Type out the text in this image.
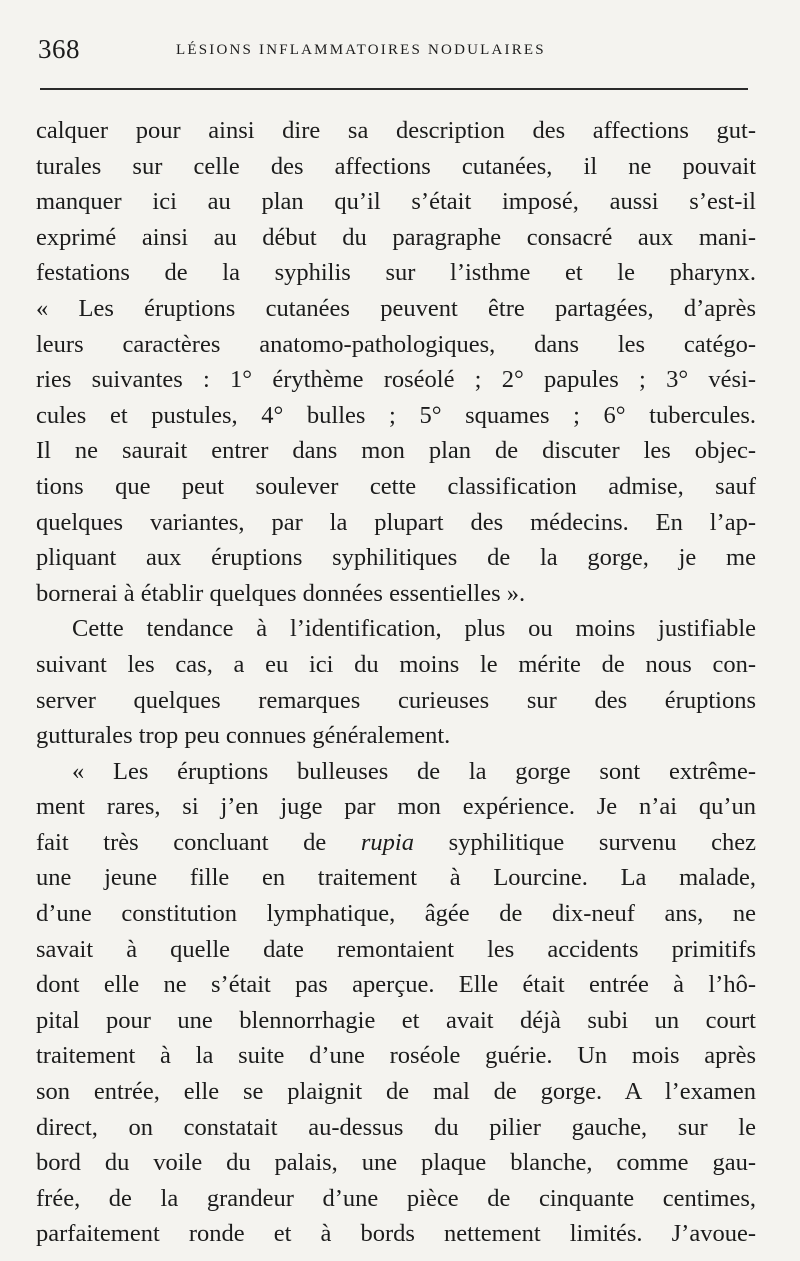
368	LÉSIONS INFLAMMATOIRES NODULAIRES
calquer pour ainsi dire sa description des affections gut-
turales sur celle des affections cutanées, il ne pouvait
manquer ici au plan qu’il s’était imposé, aussi s’est-il
exprimé ainsi au début du paragraphe consacré aux mani-
festations de la syphilis sur l’isthme et le pharynx.
« Les éruptions cutanées peuvent être partagées, d’après
leurs caractères anatomo-pathologiques, dans les catégo-
ries suivantes : 1° érythème roséolé ; 2° papules ; 3° vési-
cules et pustules, 4° bulles ; 5° squames ; 6° tubercules.
Il ne saurait entrer dans mon plan de discuter les objec-
tions que peut soulever cette classification admise, sauf
quelques variantes, par la plupart des médecins. En l’ap-
pliquant aux éruptions syphilitiques de la gorge, je me
bornerai à établir quelques données essentielles ».
Cette tendance à l’identification, plus ou moins justifiable
suivant les cas, a eu ici du moins le mérite de nous con-
server quelques remarques curieuses sur des éruptions
gutturales trop peu connues généralement.
« Les éruptions bulleuses de la gorge sont extrême-
ment rares, si j’en juge par mon expérience. Je n’ai qu’un
fait très concluant de rupia syphilitique survenu chez
une jeune fille en traitement à Lourcine. La malade,
d’une constitution lymphatique, âgée de dix-neuf ans, ne
savait à quelle date remontaient les accidents primitifs
dont elle ne s’était pas aperçue. Elle était entrée à l’hô-
pital pour une blennorrhagie et avait déjà subi un court
traitement à la suite d’une roséole guérie. Un mois après
son entrée, elle se plaignit de mal de gorge. A l’examen
direct, on constatait au-dessus du pilier gauche, sur le
bord du voile du palais, une plaque blanche, comme gau-
frée, de la grandeur d’une pièce de cinquante centimes,
parfaitement ronde et à bords nettement limités. J’avoue-
